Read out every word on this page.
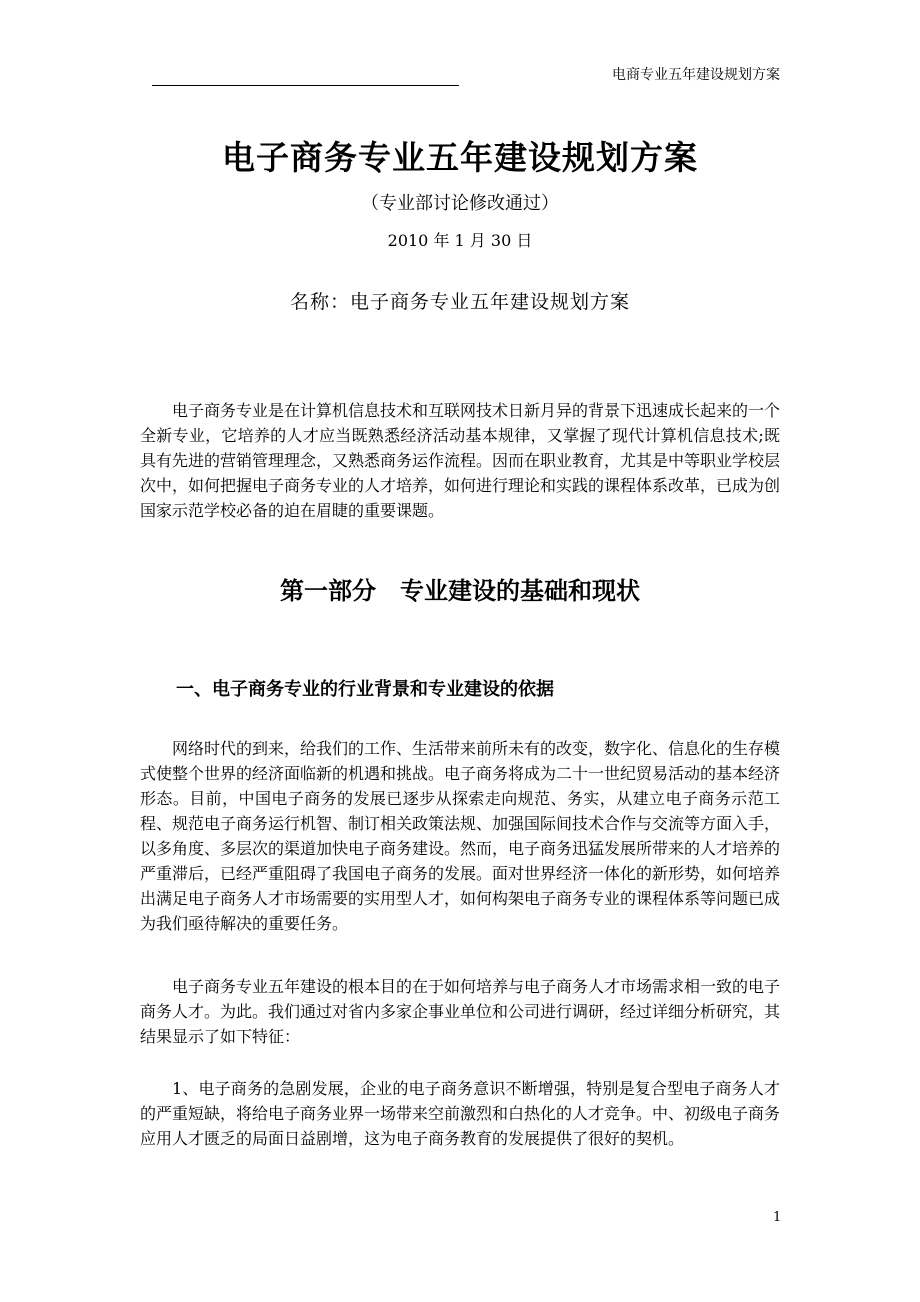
电商专业五年建设规划方案
电子商务专业五年建设规划方案
（专业部讨论修改通过）
2010 年 1 月 30 日
名称：电子商务专业五年建设规划方案

电子商务专业是在计算机信息技术和互联网技术日新月异的背景下迅速成长起来的一个全新专业，它培养的人才应当既熟悉经济活动基本规律，又掌握了现代计算机信息技术;既具有先进的营销管理理念，又熟悉商务运作流程。因而在职业教育，尤其是中等职业学校层次中，如何把握电子商务专业的人才培养，如何进行理论和实践的课程体系改革，已成为创国家示范学校必备的迫在眉睫的重要课题。

第一部分　专业建设的基础和现状
一、电子商务专业的行业背景和专业建设的依据

网络时代的到来，给我们的工作、生活带来前所未有的改变，数字化、信息化的生存模式使整个世界的经济面临新的机遇和挑战。电子商务将成为二十一世纪贸易活动的基本经济形态。目前，中国电子商务的发展已逐步从探索走向规范、务实，从建立电子商务示范工程、规范电子商务运行机智、制订相关政策法规、加强国际间技术合作与交流等方面入手，以多角度、多层次的渠道加快电子商务建设。然而，电子商务迅猛发展所带来的人才培养的严重滞后，已经严重阻碍了我国电子商务的发展。面对世界经济一体化的新形势，如何培养出满足电子商务人才市场需要的实用型人才，如何构架电子商务专业的课程体系等问题已成为我们亟待解决的重要任务。

电子商务专业五年建设的根本目的在于如何培养与电子商务人才市场需求相一致的电子商务人才。为此。我们通过对省内多家企事业单位和公司进行调研，经过详细分析研究，其结果显示了如下特征：

1、电子商务的急剧发展，企业的电子商务意识不断增强，特别是复合型电子商务人才的严重短缺，将给电子商务业界一场带来空前激烈和白热化的人才竞争。中、初级电子商务应用人才匮乏的局面日益剧增，这为电子商务教育的发展提供了很好的契机。

1
